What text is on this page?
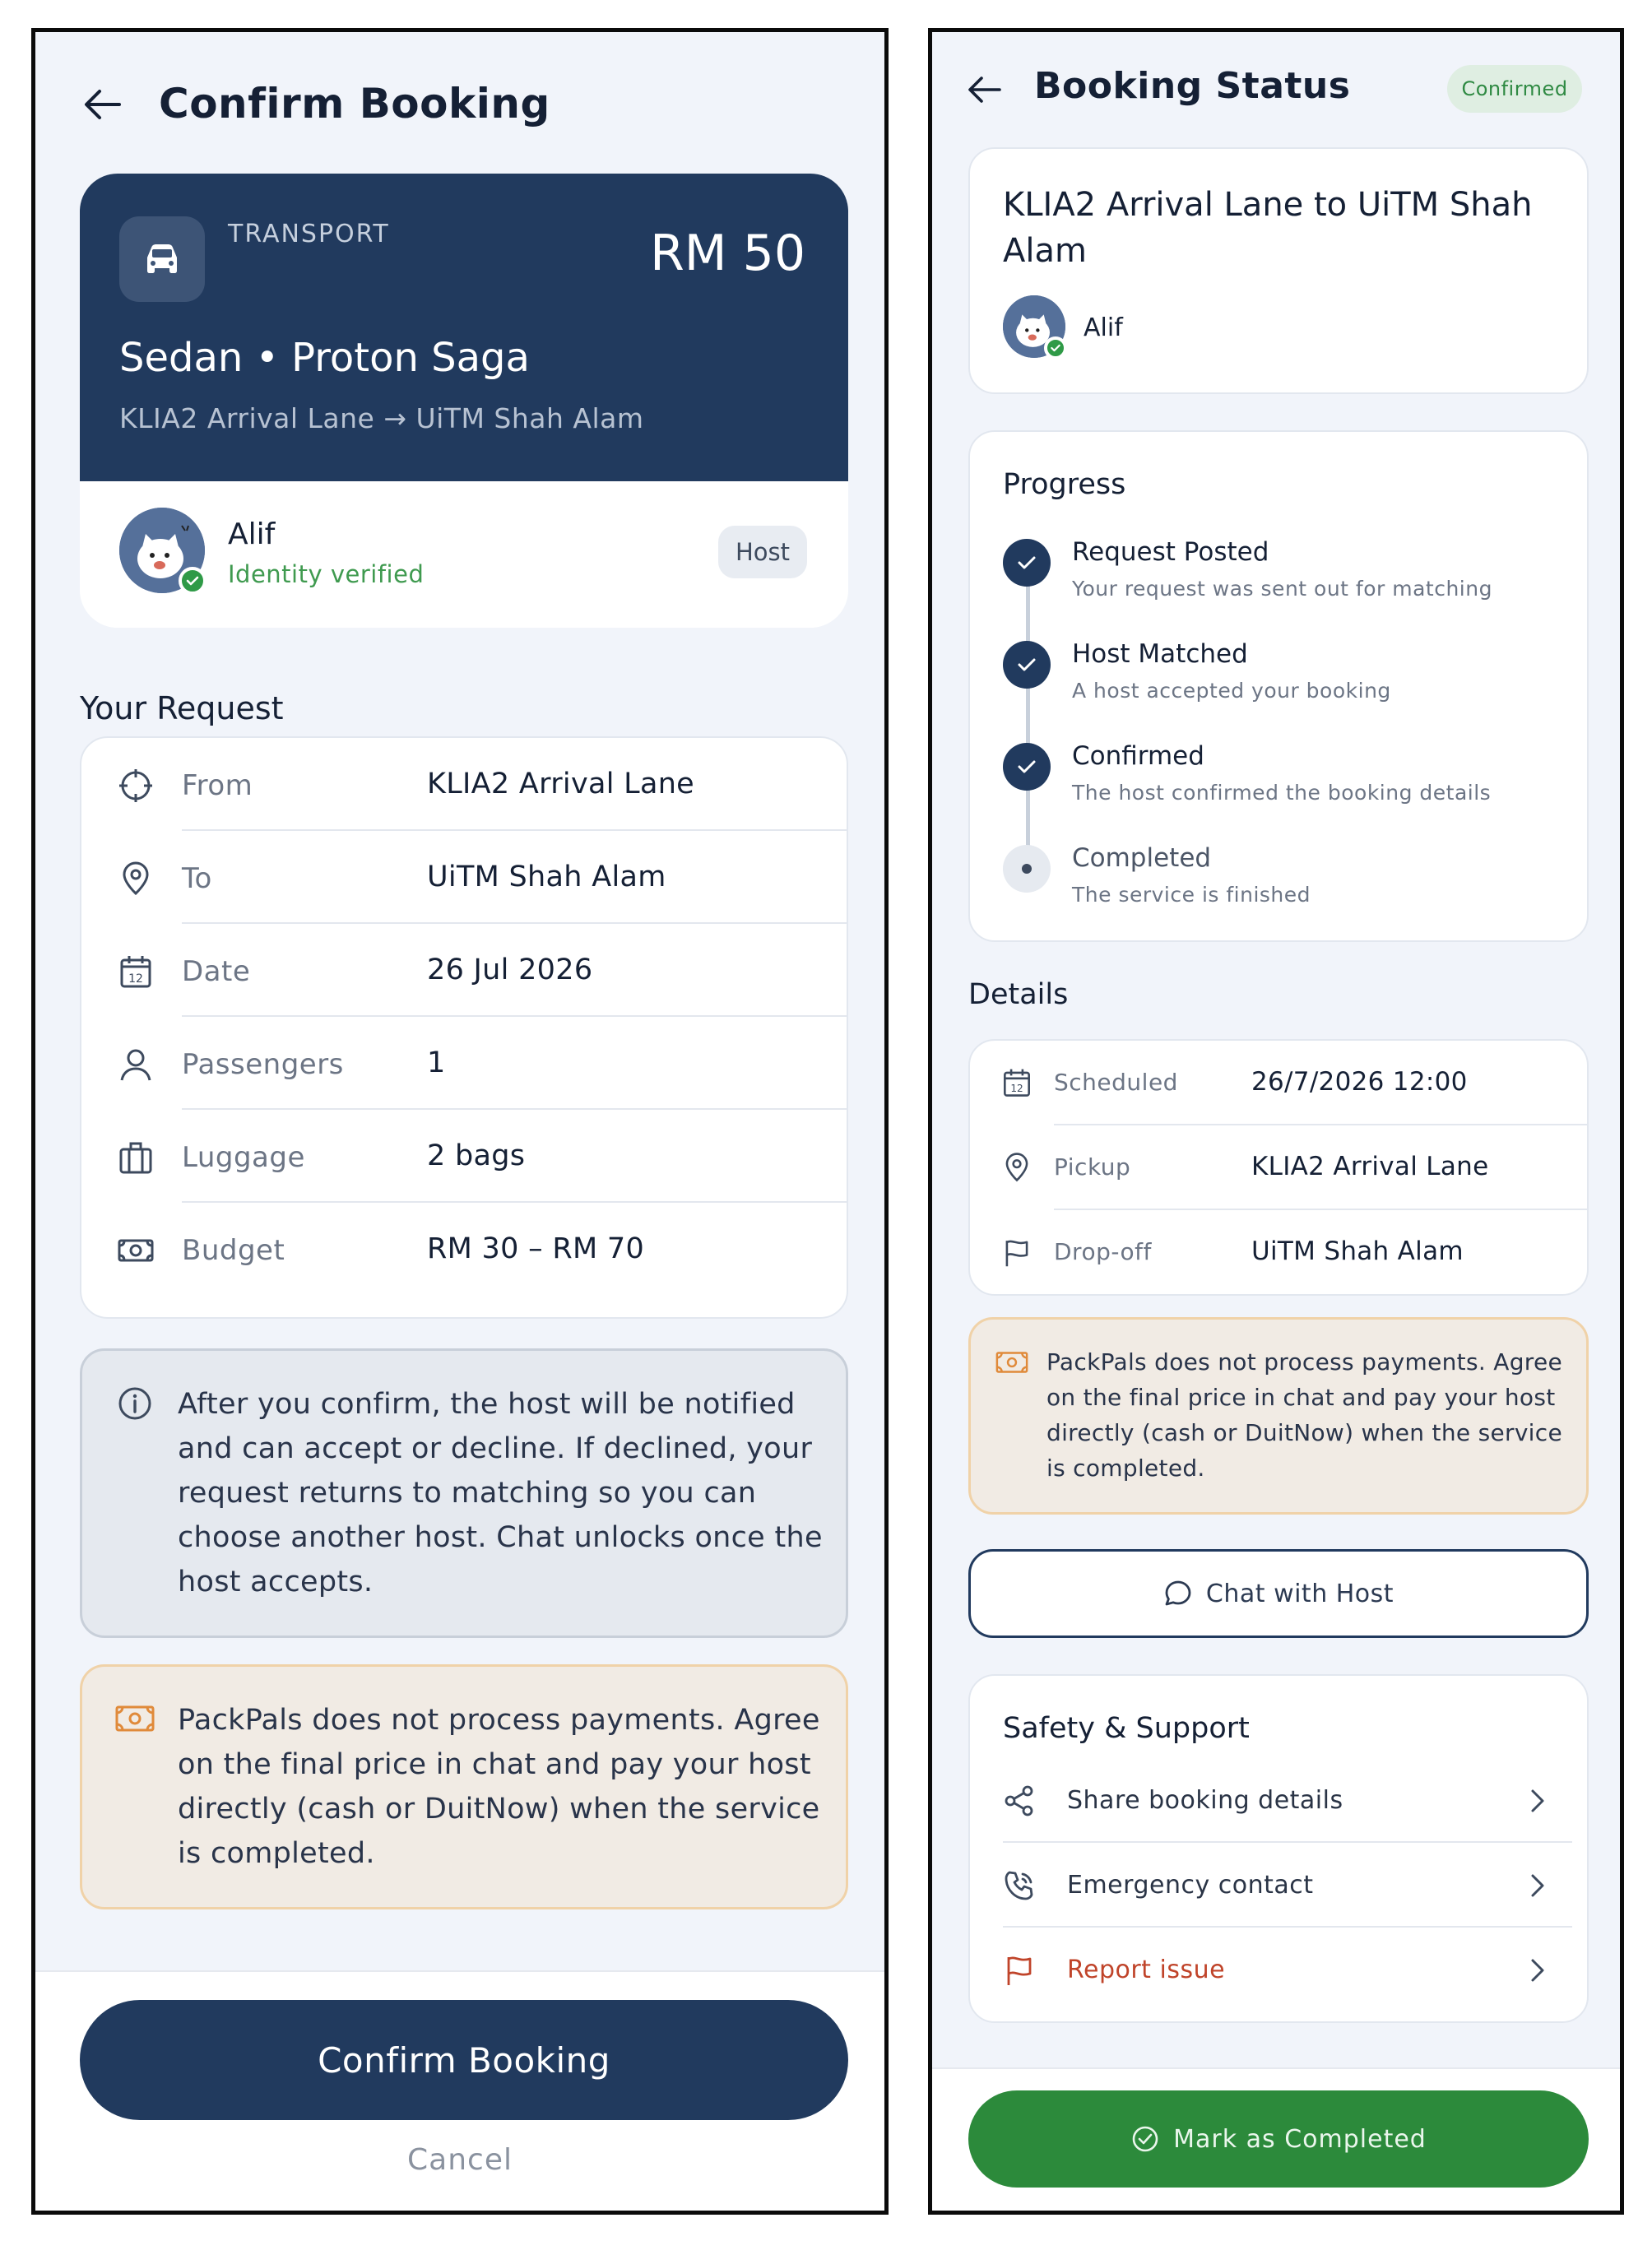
Confirm Booking
TRANSPORT	RM 50
Sedan • Proton Saga
KLIA2 Arrival Lane → UiTM Shah Alam
Alif
Identity verified
Host
Your Request
From	KLIA2 Arrival Lane
To	UiTM Shah Alam
12 Date	26 Jul 2026
Passengers	1
Luggage	2 bags
Budget	RM 30 – RM 70
After you confirm, the host will be notified and can accept or decline. If declined, your request returns to matching so you can choose another host. Chat unlocks once the host accepts.
PackPals does not process payments. Agree on the final price in chat and pay your host directly (cash or DuitNow) when the service is completed.
Confirm Booking
Cancel
Booking Status	Confirmed
KLIA2 Arrival Lane to UiTM Shah Alam
Alif
Progress
Request Posted
Your request was sent out for matching
Host Matched
A host accepted your booking
Confirmed
The host confirmed the booking details
Completed
The service is finished
Details
12 Scheduled	26/7/2026 12:00
Pickup	KLIA2 Arrival Lane
Drop-off	UiTM Shah Alam
PackPals does not process payments. Agree on the final price in chat and pay your host directly (cash or DuitNow) when the service is completed.
Chat with Host
Safety & Support
Share booking details
Emergency contact
Report issue
Mark as Completed
